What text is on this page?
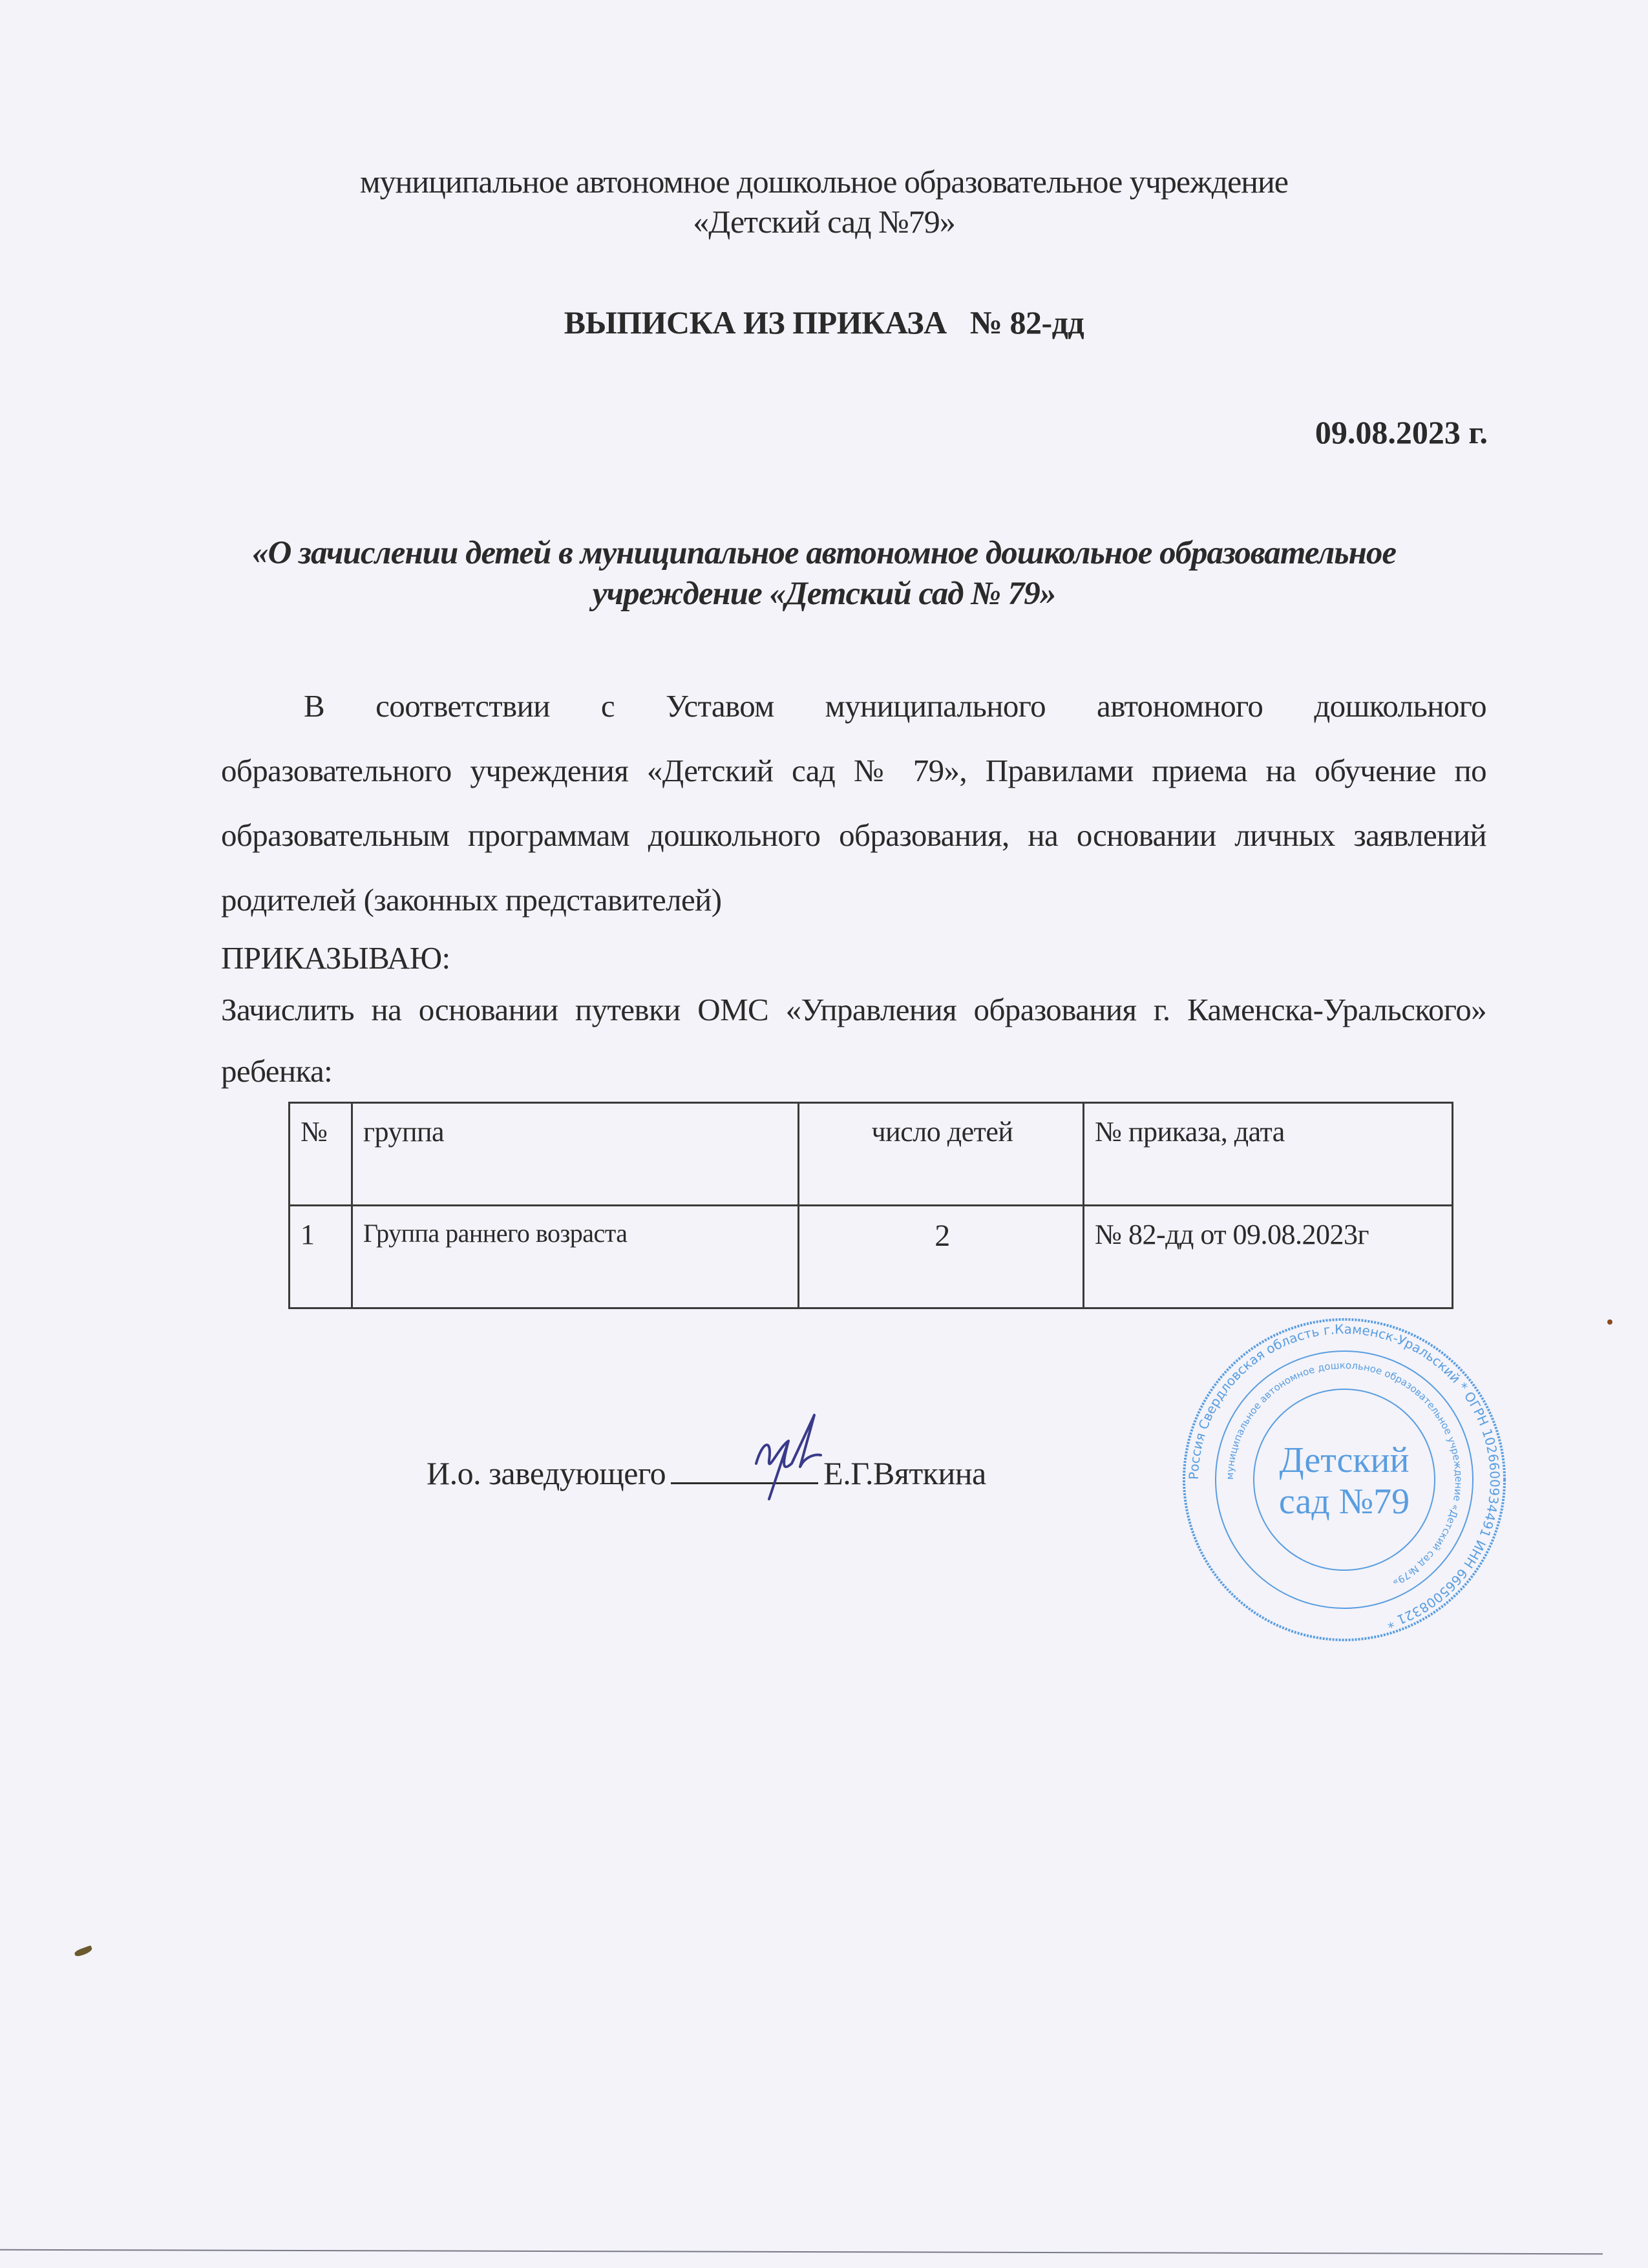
муниципальное автономное дошкольное образовательное учреждение
«Детский сад №79»
ВЫПИСКА ИЗ ПРИКАЗА № 82-дд
09.08.2023 г.
«О зачислении детей в муниципальное автономное дошкольное образовательное
учреждение «Детский сад № 79»
В соответствии с Уставом муниципального автономного дошкольного
образовательного учреждения «Детский сад № 79», Правилами приема на обучение по
образовательным программам дошкольного образования, на основании личных заявлений
родителей (законных представителей)
ПРИКАЗЫВАЮ:
Зачислить на основании путевки ОМС «Управления образования г. Каменска-Уральского»
ребенка:
№	группа	число детей	№ приказа, дата
1	Группа раннего возраста	2	№ 82-дд от 09.08.2023г
И.о. заведующего	Е.Г.Вяткина	Россия Свердловская область г.Каменск-Уральский * ОГРН 1026600934491 ИНН 6665008321 *
муниципальное автономное дошкольное образовательное учреждение «Детский сад №79»
Детский
сад №79
